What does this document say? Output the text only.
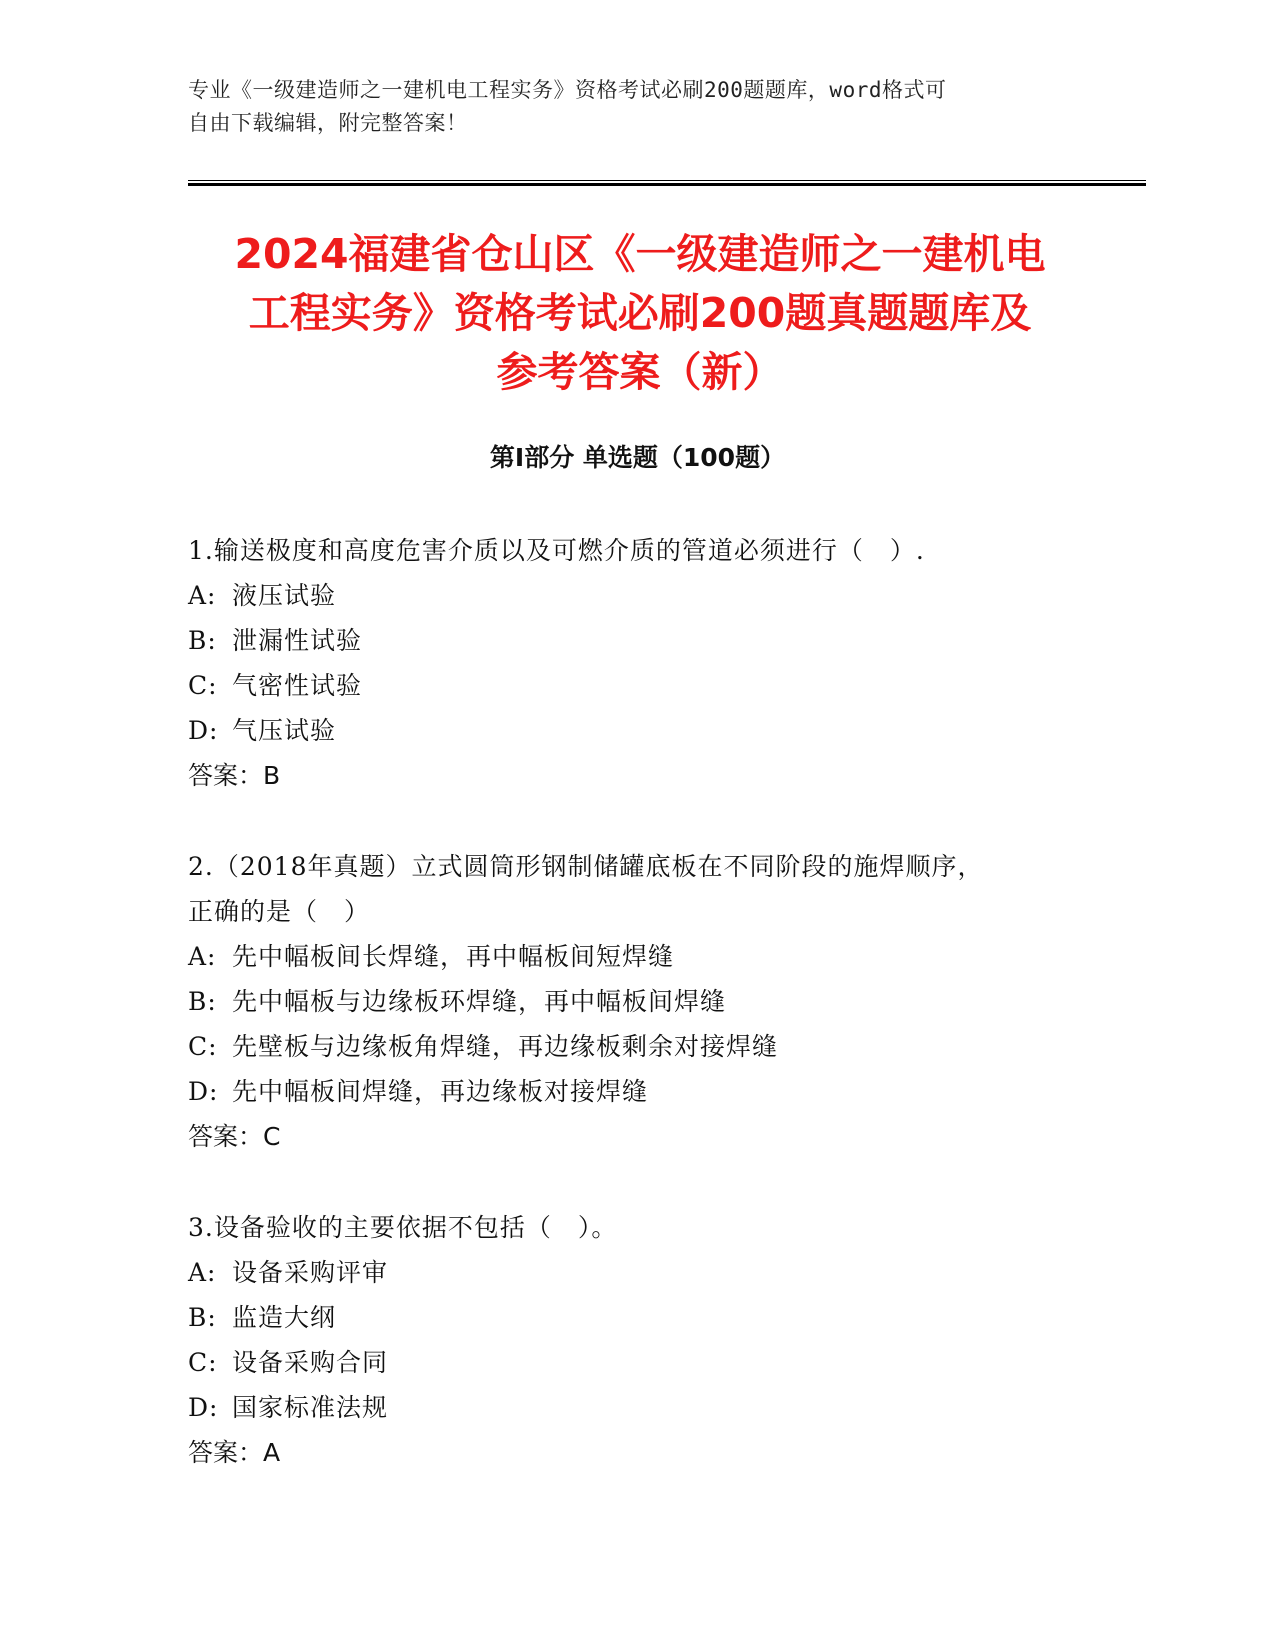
专业《一级建造师之一建机电工程实务》资格考试必刷200题题库，word格式可
自由下载编辑，附完整答案！
2024福建省仓山区《一级建造师之一建机电
工程实务》资格考试必刷200题真题题库及
参考答案（新）
第Ⅰ部分 单选题（100题）
1.输送极度和高度危害介质以及可燃介质的管道必须进行（　）.
A: 液压试验
B: 泄漏性试验
C: 气密性试验
D: 气压试验
答案：B
2.（2018年真题）立式圆筒形钢制储罐底板在不同阶段的施焊顺序，
正确的是（　）
A: 先中幅板间长焊缝，再中幅板间短焊缝
B: 先中幅板与边缘板环焊缝，再中幅板间焊缝
C: 先壁板与边缘板角焊缝，再边缘板剩余对接焊缝
D: 先中幅板间焊缝，再边缘板对接焊缝
答案：C
3.设备验收的主要依据不包括（　）。
A: 设备采购评审
B: 监造大纲
C: 设备采购合同
D: 国家标准法规
答案：A
